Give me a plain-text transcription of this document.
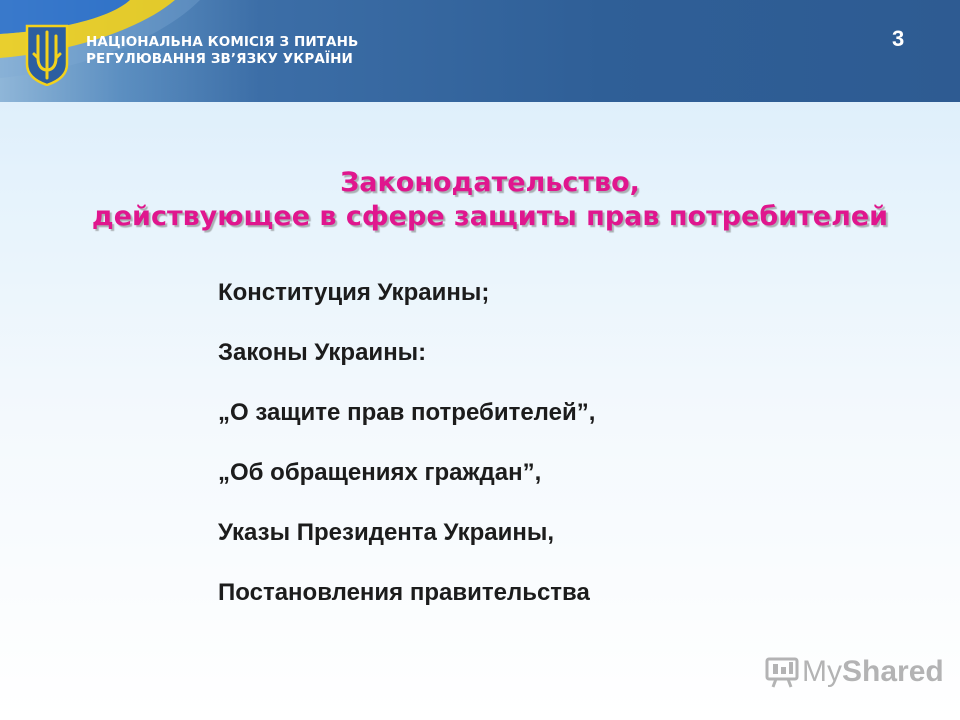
НАЦІОНАЛЬНА КОМІСІЯ З ПИТАНЬ
РЕГУЛЮВАННЯ ЗВ’ЯЗКУ УКРАЇНИ
3
Законодательство,
действующее в сфере защиты прав потребителей
Конституция Украины;
Законы Украины:
„О защите прав потребителей”,
„Об обращениях граждан”,
Указы Президента Украины,
Постановления правительства
My Shared
